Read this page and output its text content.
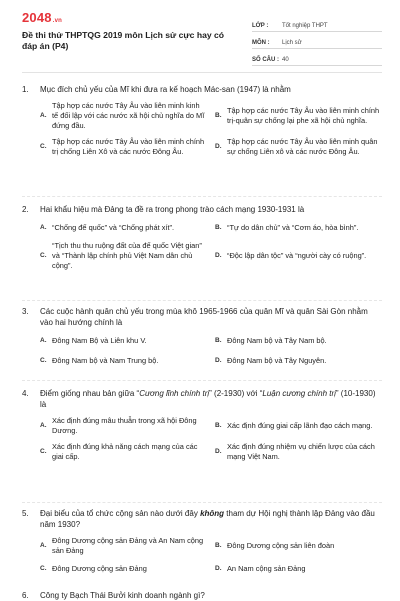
2048.vn
Đề thi thử THPTQG 2019 môn Lịch sử cực hay có đáp án (P4)
LỚP :	Tốt nghiệp THPT
MÔN :	Lịch sử
SỐ CÂU : 40
1.	Mục đích chủ yếu của Mĩ khi đưa ra kế hoạch Mác-san (1947) là nhằm
A.
Tập hợp các nước Tây Âu vào liên minh kinh tế đối lập với các nước xã hội chủ nghĩa do Mĩ đứng đầu.
B.
Tập hợp các nước Tây Âu vào liên minh chính trị-quân sự chống lại phe xã hội chủ nghĩa.
C.
Tập hợp các nước Tây Âu vào liên minh chính trị chống Liên Xô và các nước Đông Âu.
D.
Tập hợp các nước Tây Âu vào liên minh quân sự chống Liên xô và các nước Đông Âu.
2.	Hai khẩu hiệu mà Đảng ta đề ra trong phong trào cách mạng 1930-1931 là
A. “Chống đế quốc” và “Chống phát xít”.	B. “Tự do dân chủ” và “Cơm áo, hòa bình”.
C.
“Tịch thu thu ruộng đất của đế quốc Việt gian” và “Thành lập chính phủ Việt Nam dân chủ cộng”.
D. “Độc lập dân tộc” và “người cày có ruộng”.
3.	Các cuộc hành quân chủ yếu trong mùa khô 1965-1966 của quân Mĩ và quân Sài Gòn nhằm vào hai hướng chính là
A. Đông Nam Bộ và Liên khu V.	B. Đông Nam bộ và Tây Nam bộ.
C. Đông Nam bộ và Nam Trung bộ.	D. Đông Nam bộ và Tây Nguyên.
4.	Điểm giống nhau bản giữa “Cương lĩnh chính trị” (2-1930) với “Luận cương chính trị” (10-1930) là
A.
Xác định đúng mâu thuẫn trong xã hội Đông Dương.
B. Xác định đúng giai cấp lãnh đạo cách mạng.
C.
Xác định đúng khả năng cách mạng của các giai cấp.
D.
Xác định đúng nhiệm vụ chiến lược của cách mạng Việt Nam.
5.	Đại biểu của tổ chức cộng sản nào dưới đây không tham dự Hội nghị thành lập Đảng vào đầu năm 1930?
A.
Đông Dương cộng sản Đảng và An Nam cộng sản Đảng
B. Đông Dương cộng sản liên đoàn
C. Đông Dương cộng sản Đảng	D. An Nam cộng sản Đảng
6.	Công ty Bạch Thái Bưởi kinh doanh ngành gì?
